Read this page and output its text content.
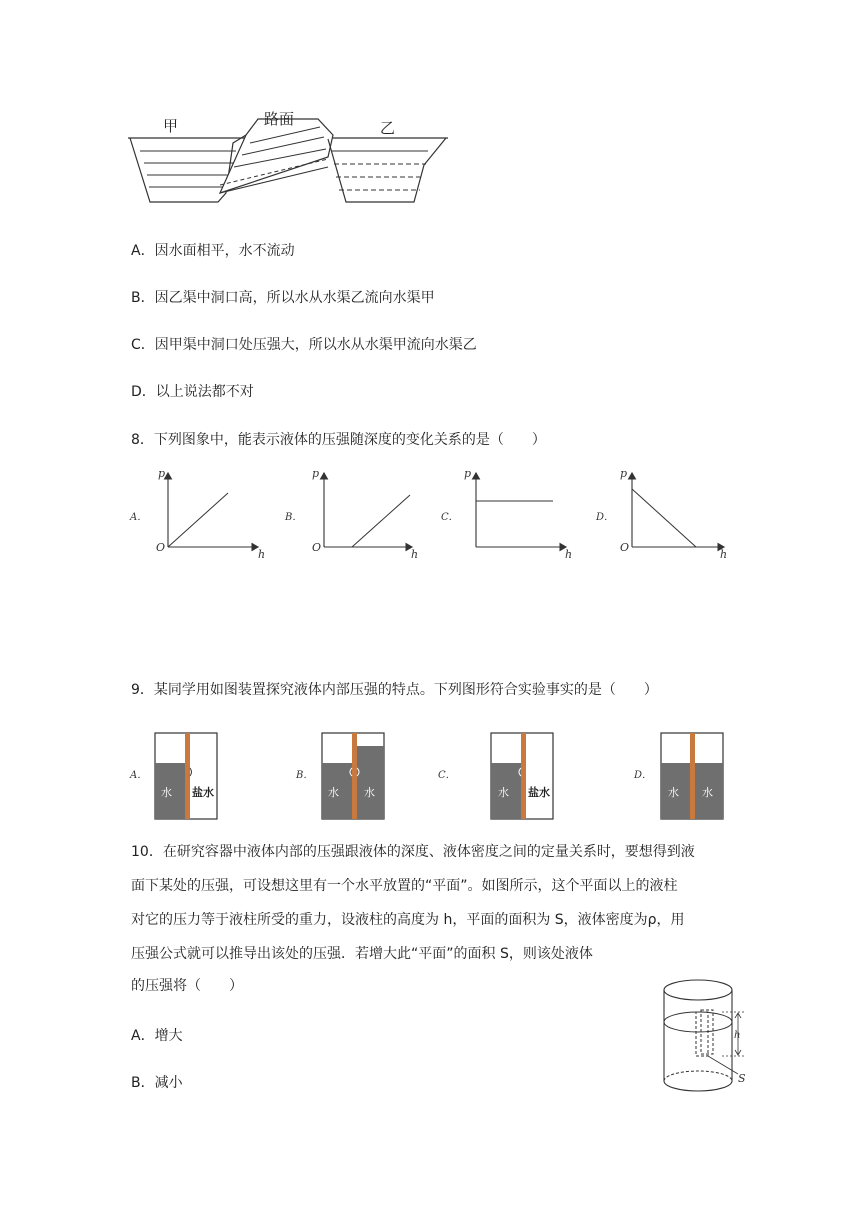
甲	路面	乙
A．因水面相平，水不流动
B．因乙渠中洞口高，所以水从水渠乙流向水渠甲
C．因甲渠中洞口处压强大，所以水从水渠甲流向水渠乙
D．以上说法都不对
8．下列图象中，能表示液体的压强随深度的变化关系的是（　　）
A．
p
h
O
B．
p
h
O
C．
p
h
D．
p
h
O
9．某同学用如图装置探究液体内部压强的特点。下列图形符合实验事实的是（　　）
A．
水 盐水
B．
水 水
C．
水 盐水
D．
水 水
10．在研究容器中液体内部的压强跟液体的深度、液体密度之间的定量关系时，要想得到液
面下某处的压强，可设想这里有一个水平放置的“平面”。如图所示，这个平面以上的液柱
对它的压力等于液柱所受的重力，设液柱的高度为 h，平面的面积为 S，液体密度为ρ，用
压强公式就可以推导出该处的压强．若增大此“平面”的面积 S，则该处液体
的压强将（　　）
A．增大
B．减小
h
S
